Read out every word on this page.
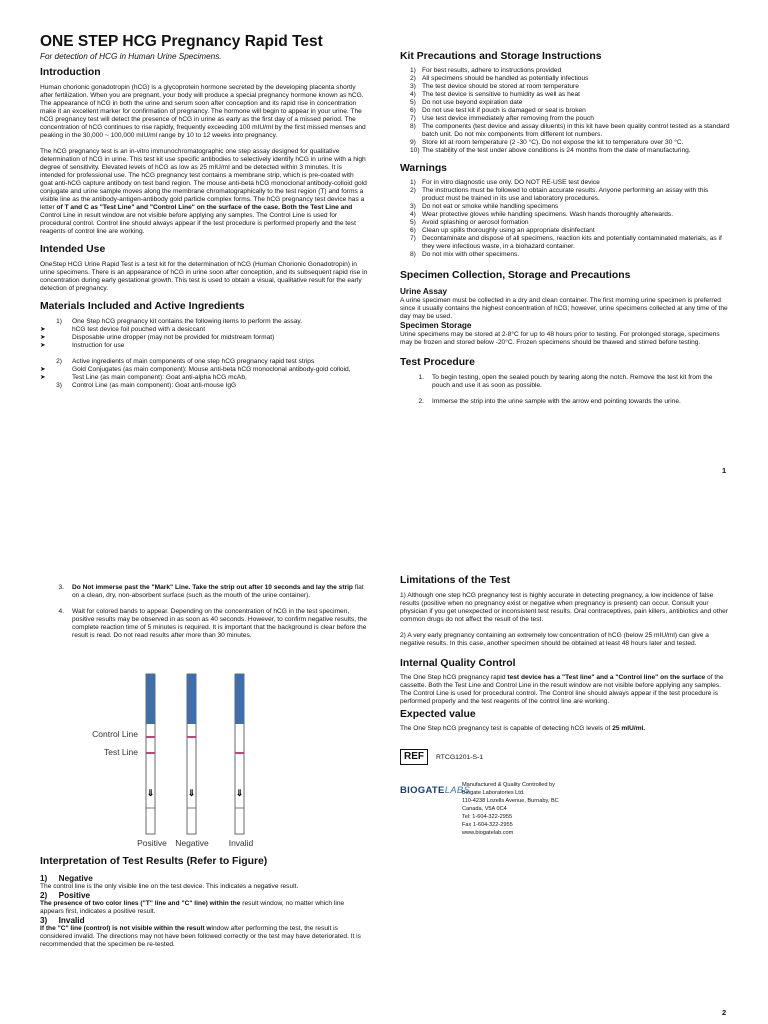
ONE STEP HCG Pregnancy Rapid Test

For detection of HCG in Human Urine Specimens.

Introduction

Human chorionic gonadotropin (hCG) is a glycoprotein hormone secreted by the developing placenta shortly after fertilization. When you are pregnant, your body will produce a special pregnancy hormone known as hCG. The appearance of hCG in both the urine and serum soon after conception and its rapid rise in concentration make it an excellent marker for confirmation of pregnancy. The hormone will begin to appear in your urine. The hCG pregnancy test will detect the presence of hCG in urine as early as the first day of a missed period. The concentration of hCG continues to rise rapidly, frequently exceeding 100 mIU/ml by the first missed menses and peaking in the 30,000 ~ 100,000 mIU/ml range by 10 to 12 weeks into pregnancy.

The hCG pregnancy test is an in-vitro immunochromatographic one step assay designed for qualitative determination of hCG in urine. This test kit use specific antibodies to selectively identify hCG in urine with a high degree of sensitivity. Elevated levels of hCG as low as 25 mIU/ml and be detected within 3 minutes. It is intended for professional use. The hCG pregnancy test contains a membrane strip, which is pre-coated with goat anti-hCG capture antibody on test band region. The mouse anti-beta hCG monoclonal antibody-colloid gold conjugate and urine sample moves along the membrane chromatographically to the test region (T) and forms a visible line as the antibody-antigen-antibody gold particle complex forms. The hCG pregnancy test device has a letter of T and C as "Test Line" and "Control Line" on the surface of the case. Both the Test Line and Control Line in result window are not visible before applying any samples. The Control Line is used for procedural control. Control line should always appear if the test procedure is performed properly and the test reagents of control line are working.

Intended Use

OneStep HCG Urine Rapid Test is a test kit for the determination of hCG (Human Chorionic Gonadotropin) in urine specimens. There is an appearance of hCG in urine soon after conception, and its subsequent rapid rise in concentration during early gestational growth. This test is used to obtain a visual, qualitative result for the early detection of pregnancy.

Materials Included and Active Ingredients
1)	One Step hCG pregnancy kit contains the following items to perform the assay.
➤	hCG test device foil pouched with a desiccant
➤	Disposable urine dropper (may not be provided for midstream format)
➤	Instruction for use
2)	Active ingredients of main components of one step hCG pregnancy rapid test strips
➤	Gold Conjugates (as main component): Mouse anti-beta hCG monoclonal antibody-gold colloid,
➤	Test Line (as main component): Goat anti-alpha hCG mcAb,
3)	Control Line (as main component): Goat anti-mouse IgG
Kit Precautions and Storage Instructions
1) For best results, adhere to instructions provided
2) All specimens should be handled as potentially infectious
3) The test device should be stored at room temperature
4) The test device is sensitive to humidity as well as heat
5) Do not use beyond expiration date
6) Do not use test kit if pouch is damaged or seal is broken
7) Use test device immediately after removing from the pouch
8) The components (test device and assay diluents) in this kit have been quality control tested as a standard batch unit. Do not mix components from different lot numbers.
9) Store kit at room temperature (2 -30 °C). Do not expose the kit to temperature over 30 °C.
10) The stability of the test under above conditions is 24 months from the date of manufacturing.
Warnings
1) For in vitro diagnostic use only. DO NOT RE-USE test device
2) The instructions must be followed to obtain accurate results. Anyone performing an assay with this product must be trained in its use and laboratory procedures.
3) Do not eat or smoke while handling specimens
4) Wear protective gloves while handling specimens. Wash hands thoroughly afterwards.
5) Avoid splashing or aerosol formation
6) Clean up spills thoroughly using an appropriate disinfectant
7) Decontaminate and dispose of all specimens, reaction kits and potentially contaminated materials, as if they were infectious waste, in a biohazard container.
8) Do not mix with other specimens.
Specimen Collection, Storage and Precautions
Urine Assay

A urine specimen must be collected in a dry and clean container. The first morning urine specimen is preferred since it usually contains the highest concentration of hCG; however, urine specimens collected at any time of the day may be used.

Specimen Storage

Urine specimens may be stored at 2-8°C for up to 48 hours prior to testing. For prolonged storage, specimens may be frozen and stored below -20°C. Frozen specimens should be thawed and stirred before testing.

Test Procedure
1.	To begin testing, open the sealed pouch by tearing along the notch. Remove the test kit from the pouch and use it as soon as possible.
2.	Immerse the strip into the urine sample with the arrow end pointing towards the urine.
1
3.	Do Not immerse past the "Mark" Line. Take the strip out after 10 seconds and lay the strip flat on a clean, dry, non-absorbent surface (such as the mouth of the urine container).
4.	Wait for colored bands to appear. Depending on the concentration of hCG in the test specimen, positive results may be observed in as soon as 40 seconds. However, to confirm negative results, the complete reaction time of 5 minutes is required. It is important that the background is clear before the result is read. Do not read results after more than 30 minutes.
⇓	⇓	⇓
Control Line
Test Line
Positive Negative Invalid
Interpretation of Test Results (Refer to Figure)
1)     Negative

The control line is the only visible line on the test device. This indicates a negative result.

2)     Positive

The presence of two color lines ("T" line and "C" line) within the result window, no matter which line appears first, indicates a positive result.

3)     Invalid

If the "C" line (control) is not visible within the result window after performing the test, the result is considered invalid. The directions may not have been followed correctly or the test may have deteriorated. It is recommended that the specimen be re-tested.

Limitations of the Test

1) Although one step hCG pregnancy test is highly accurate in detecting pregnancy, a low incidence of false results (positive when no pregnancy exist or negative when pregnancy is present) can occur. Consult your physician if you get unexpected or inconsistent test results. Oral contraceptives, pain killers, antibiotics and other common drugs do not affect the result of the test.

2) A very early pregnancy containing an extremely low concentration of hCG (below 25 mIU/ml) can give a negative results. In this case, another specimen should be obtained at least 48 hours later and tested.

Internal Quality Control

The One Step hCG pregnancy rapid test device has a "Test line" and a "Control line" on the surface of the cassette. Both the Test Line and Control Line in the result window are not visible before applying any samples. The Control Line is used for procedural control. The Control line should always appear if the test procedure is performed properly and the test reagents of the control line are working.

Expected value

The One Step hCG pregnancy test is capable of detecting hCG levels of 25 mIU/ml.

REF	RTCG1201-S-1
BIOGATELABS
Manufactured & Quality Controlled by
Biogate Laboratories Ltd.
110-4238 Lozells Avenue, Burnaby, BC
Canada, V5A 0C4
Tel: 1-604-322-2955
Fax 1-604-322-2955
www.biogatelab.com
2
